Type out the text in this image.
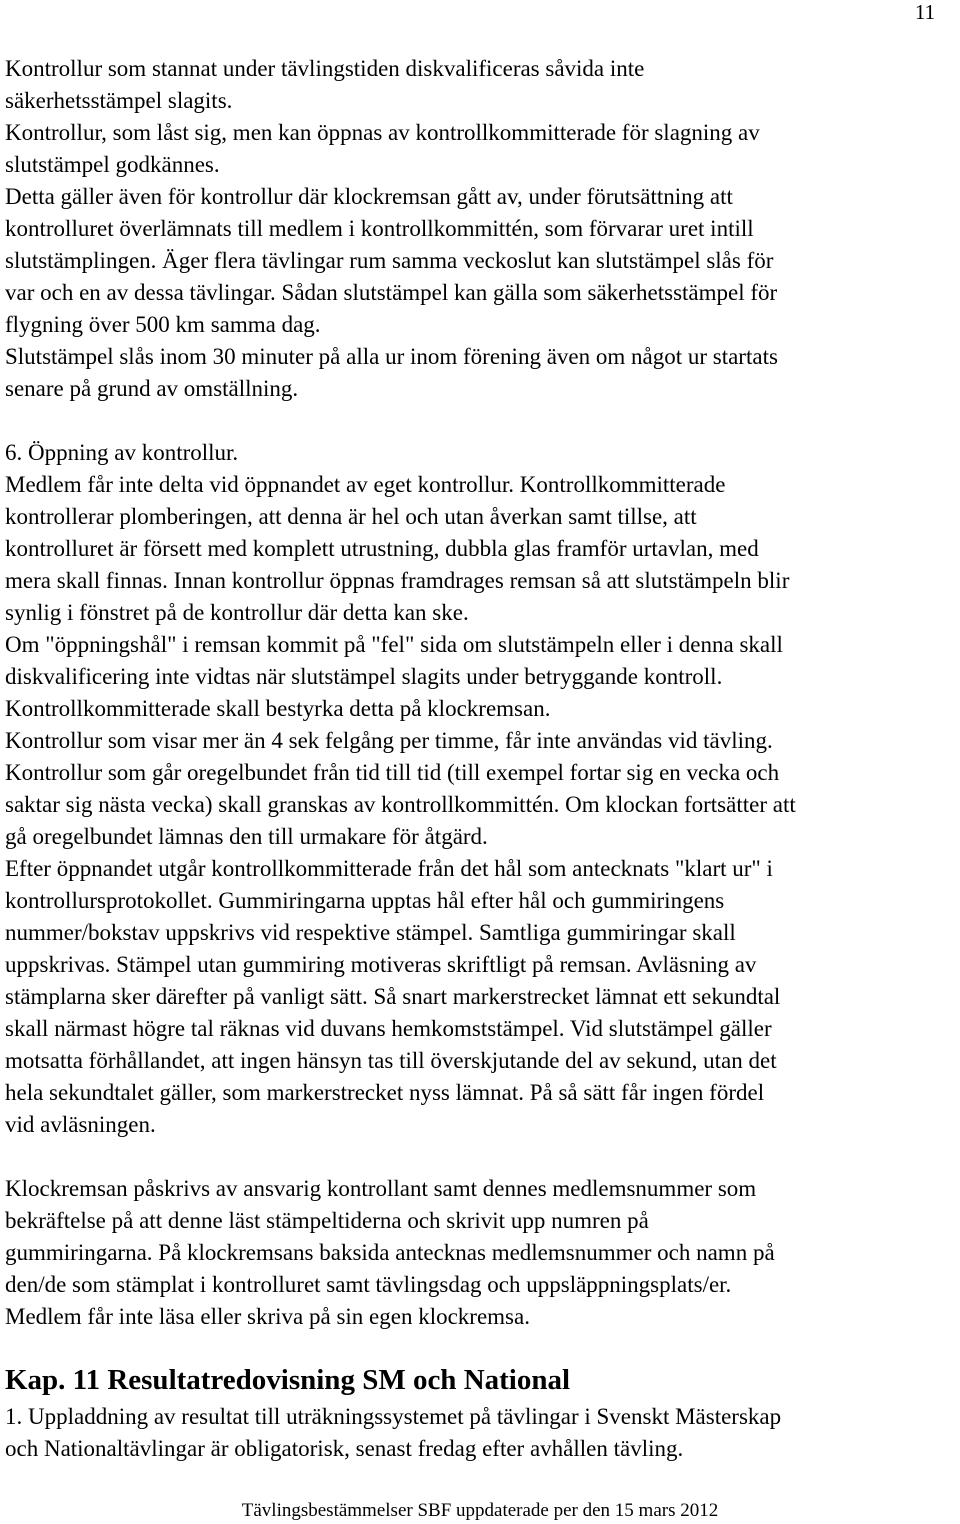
11
Kontrollur som stannat under tävlingstiden diskvalificeras såvida inte
säkerhetsstämpel slagits.
Kontrollur, som låst sig, men kan öppnas av kontrollkommitterade för slagning av
slutstämpel godkännes.
Detta gäller även för kontrollur där klockremsan gått av, under förutsättning att
kontrolluret överlämnats till medlem i kontrollkommittén, som förvarar uret intill
slutstämplingen. Äger flera tävlingar rum samma veckoslut kan slutstämpel slås för
var och en av dessa tävlingar. Sådan slutstämpel kan gälla som säkerhetsstämpel för
flygning över 500 km samma dag.
Slutstämpel slås inom 30 minuter på alla ur inom förening även om något ur startats
senare på grund av omställning.
6. Öppning av kontrollur.
Medlem får inte delta vid öppnandet av eget kontrollur. Kontrollkommitterade
kontrollerar plomberingen, att denna är hel och utan åverkan samt tillse, att
kontrolluret är försett med komplett utrustning, dubbla glas framför urtavlan, med
mera skall finnas. Innan kontrollur öppnas framdrages remsan så att slutstämpeln blir
synlig i fönstret på de kontrollur där detta kan ske.
Om "öppningshål" i remsan kommit på "fel" sida om slutstämpeln eller i denna skall
diskvalificering inte vidtas när slutstämpel slagits under betryggande kontroll.
Kontrollkommitterade skall bestyrka detta på klockremsan.
Kontrollur som visar mer än 4 sek felgång per timme, får inte användas vid tävling.
Kontrollur som går oregelbundet från tid till tid (till exempel fortar sig en vecka och
saktar sig nästa vecka) skall granskas av kontrollkommittén. Om klockan fortsätter att
gå oregelbundet lämnas den till urmakare för åtgärd.
Efter öppnandet utgår kontrollkommitterade från det hål som antecknats "klart ur" i
kontrollursprotokollet. Gummiringarna upptas hål efter hål och gummiringens
nummer/bokstav uppskrivs vid respektive stämpel. Samtliga gummiringar skall
uppskrivas. Stämpel utan gummiring motiveras skriftligt på remsan. Avläsning av
stämplarna sker därefter på vanligt sätt. Så snart markerstrecket lämnat ett sekundtal
skall närmast högre tal räknas vid duvans hemkomststämpel. Vid slutstämpel gäller
motsatta förhållandet, att ingen hänsyn tas till överskjutande del av sekund, utan det
hela sekundtalet gäller, som markerstrecket nyss lämnat. På så sätt får ingen fördel
vid avläsningen.
Klockremsan påskrivs av ansvarig kontrollant samt dennes medlemsnummer som
bekräftelse på att denne läst stämpeltiderna och skrivit upp numren på
gummiringarna. På klockremsans baksida antecknas medlemsnummer och namn på
den/de som stämplat i kontrolluret samt tävlingsdag och uppsläppningsplats/er.
Medlem får inte läsa eller skriva på sin egen klockremsa.
Kap. 11 Resultatredovisning SM och National
1. Uppladdning av resultat till uträkningssystemet på tävlingar i Svenskt Mästerskap
och Nationaltävlingar är obligatorisk, senast fredag efter avhållen tävling.
Tävlingsbestämmelser SBF uppdaterade per den 15 mars 2012
